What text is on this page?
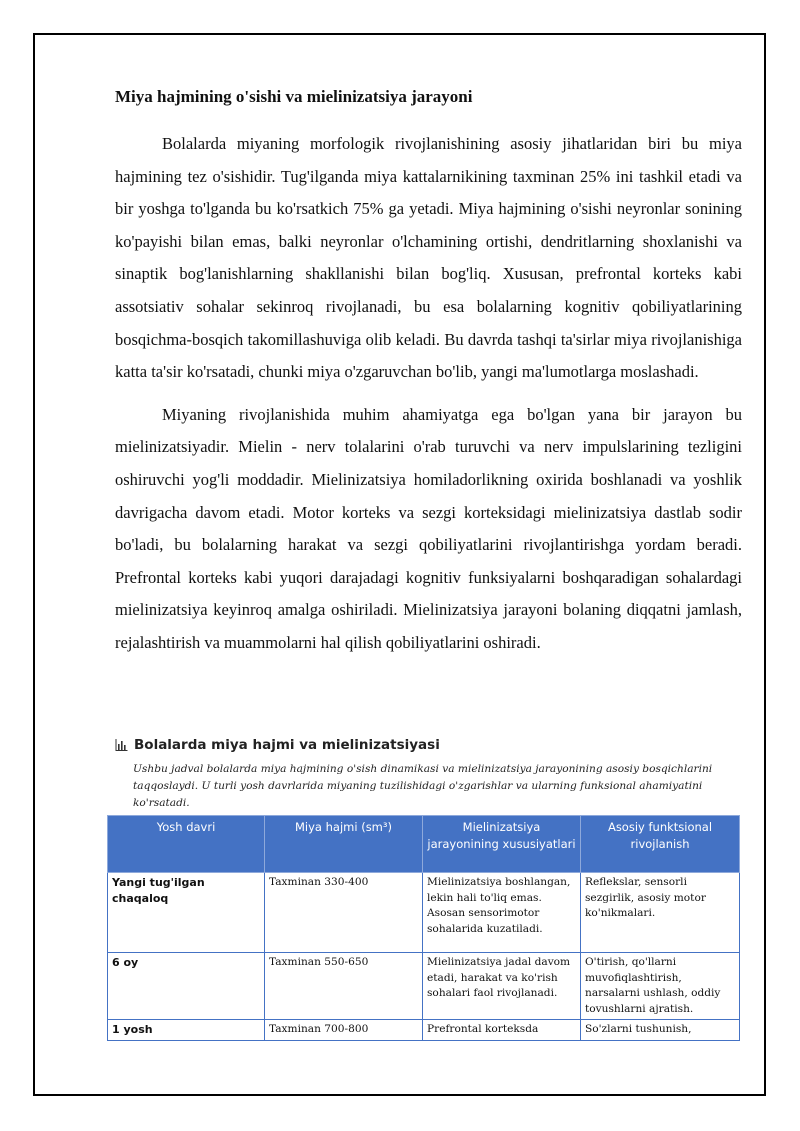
Miya hajmining o'sishi va mielinizatsiya jarayoni

Bolalarda miyaning morfologik rivojlanishining asosiy jihatlaridan biri bu miya hajmining tez o'sishidir. Tug'ilganda miya kattalarnikining taxminan 25% ini tashkil etadi va bir yoshga to'lganda bu ko'rsatkich 75% ga yetadi. Miya hajmining o'sishi neyronlar sonining ko'payishi bilan emas, balki neyronlar o'lchamining ortishi, dendritlarning shoxlanishi va sinaptik bog'lanishlarning shakllanishi bilan bog'liq. Xususan, prefrontal korteks kabi assotsiativ sohalar sekinroq rivojlanadi, bu esa bolalarning kognitiv qobiliyatlarining bosqichma-bosqich takomillashuviga olib keladi. Bu davrda tashqi ta'sirlar miya rivojlanishiga katta ta'sir ko'rsatadi, chunki miya o'zgaruvchan bo'lib, yangi ma'lumotlarga moslashadi.

Miyaning rivojlanishida muhim ahamiyatga ega bo'lgan yana bir jarayon bu mielinizatsiyadir. Mielin - nerv tolalarini o'rab turuvchi va nerv impulslarining tezligini oshiruvchi yog'li moddadir. Mielinizatsiya homiladorlikning oxirida boshlanadi va yoshlik davrigacha davom etadi. Motor korteks va sezgi korteksidagi mielinizatsiya dastlab sodir bo'ladi, bu bolalarning harakat va sezgi qobiliyatlarini rivojlantirishga yordam beradi. Prefrontal korteks kabi yuqori darajadagi kognitiv funksiyalarni boshqaradigan sohalardagi mielinizatsiya keyinroq amalga oshiriladi. Mielinizatsiya jarayoni bolaning diqqatni jamlash, rejalashtirish va muammolarni hal qilish qobiliyatlarini oshiradi.

Bolalarda miya hajmi va mielinizatsiyasi
Ushbu jadval bolalarda miya hajmining o'sish dinamikasi va mielinizatsiya jarayonining asosiy bosqichlarini taqqoslaydi. U turli yosh davrlarida miyaning tuzilishidagi o'zgarishlar va ularning funksional ahamiyatini ko'rsatadi.
Yosh davri	Miya hajmi (sm³)	Mielinizatsiya jarayonining xususiyatlari	Asosiy funktsional rivojlanish
Yangi tug'ilgan chaqaloq	Taxminan 330-400	Mielinizatsiya boshlangan, lekin hali to'liq emas. Asosan sensorimotor sohalarida kuzatiladi.	Reflekslar, sensorli sezgirlik, asosiy motor ko'nikmalari.
6 oy	Taxminan 550-650	Mielinizatsiya jadal davom etadi, harakat va ko'rish sohalari faol rivojlanadi.	O'tirish, qo'llarni muvofiqlashtirish, narsalarni ushlash, oddiy tovushlarni ajratish.
1 yosh	Taxminan 700-800	Prefrontal korteksda	So'zlarni tushunish,
